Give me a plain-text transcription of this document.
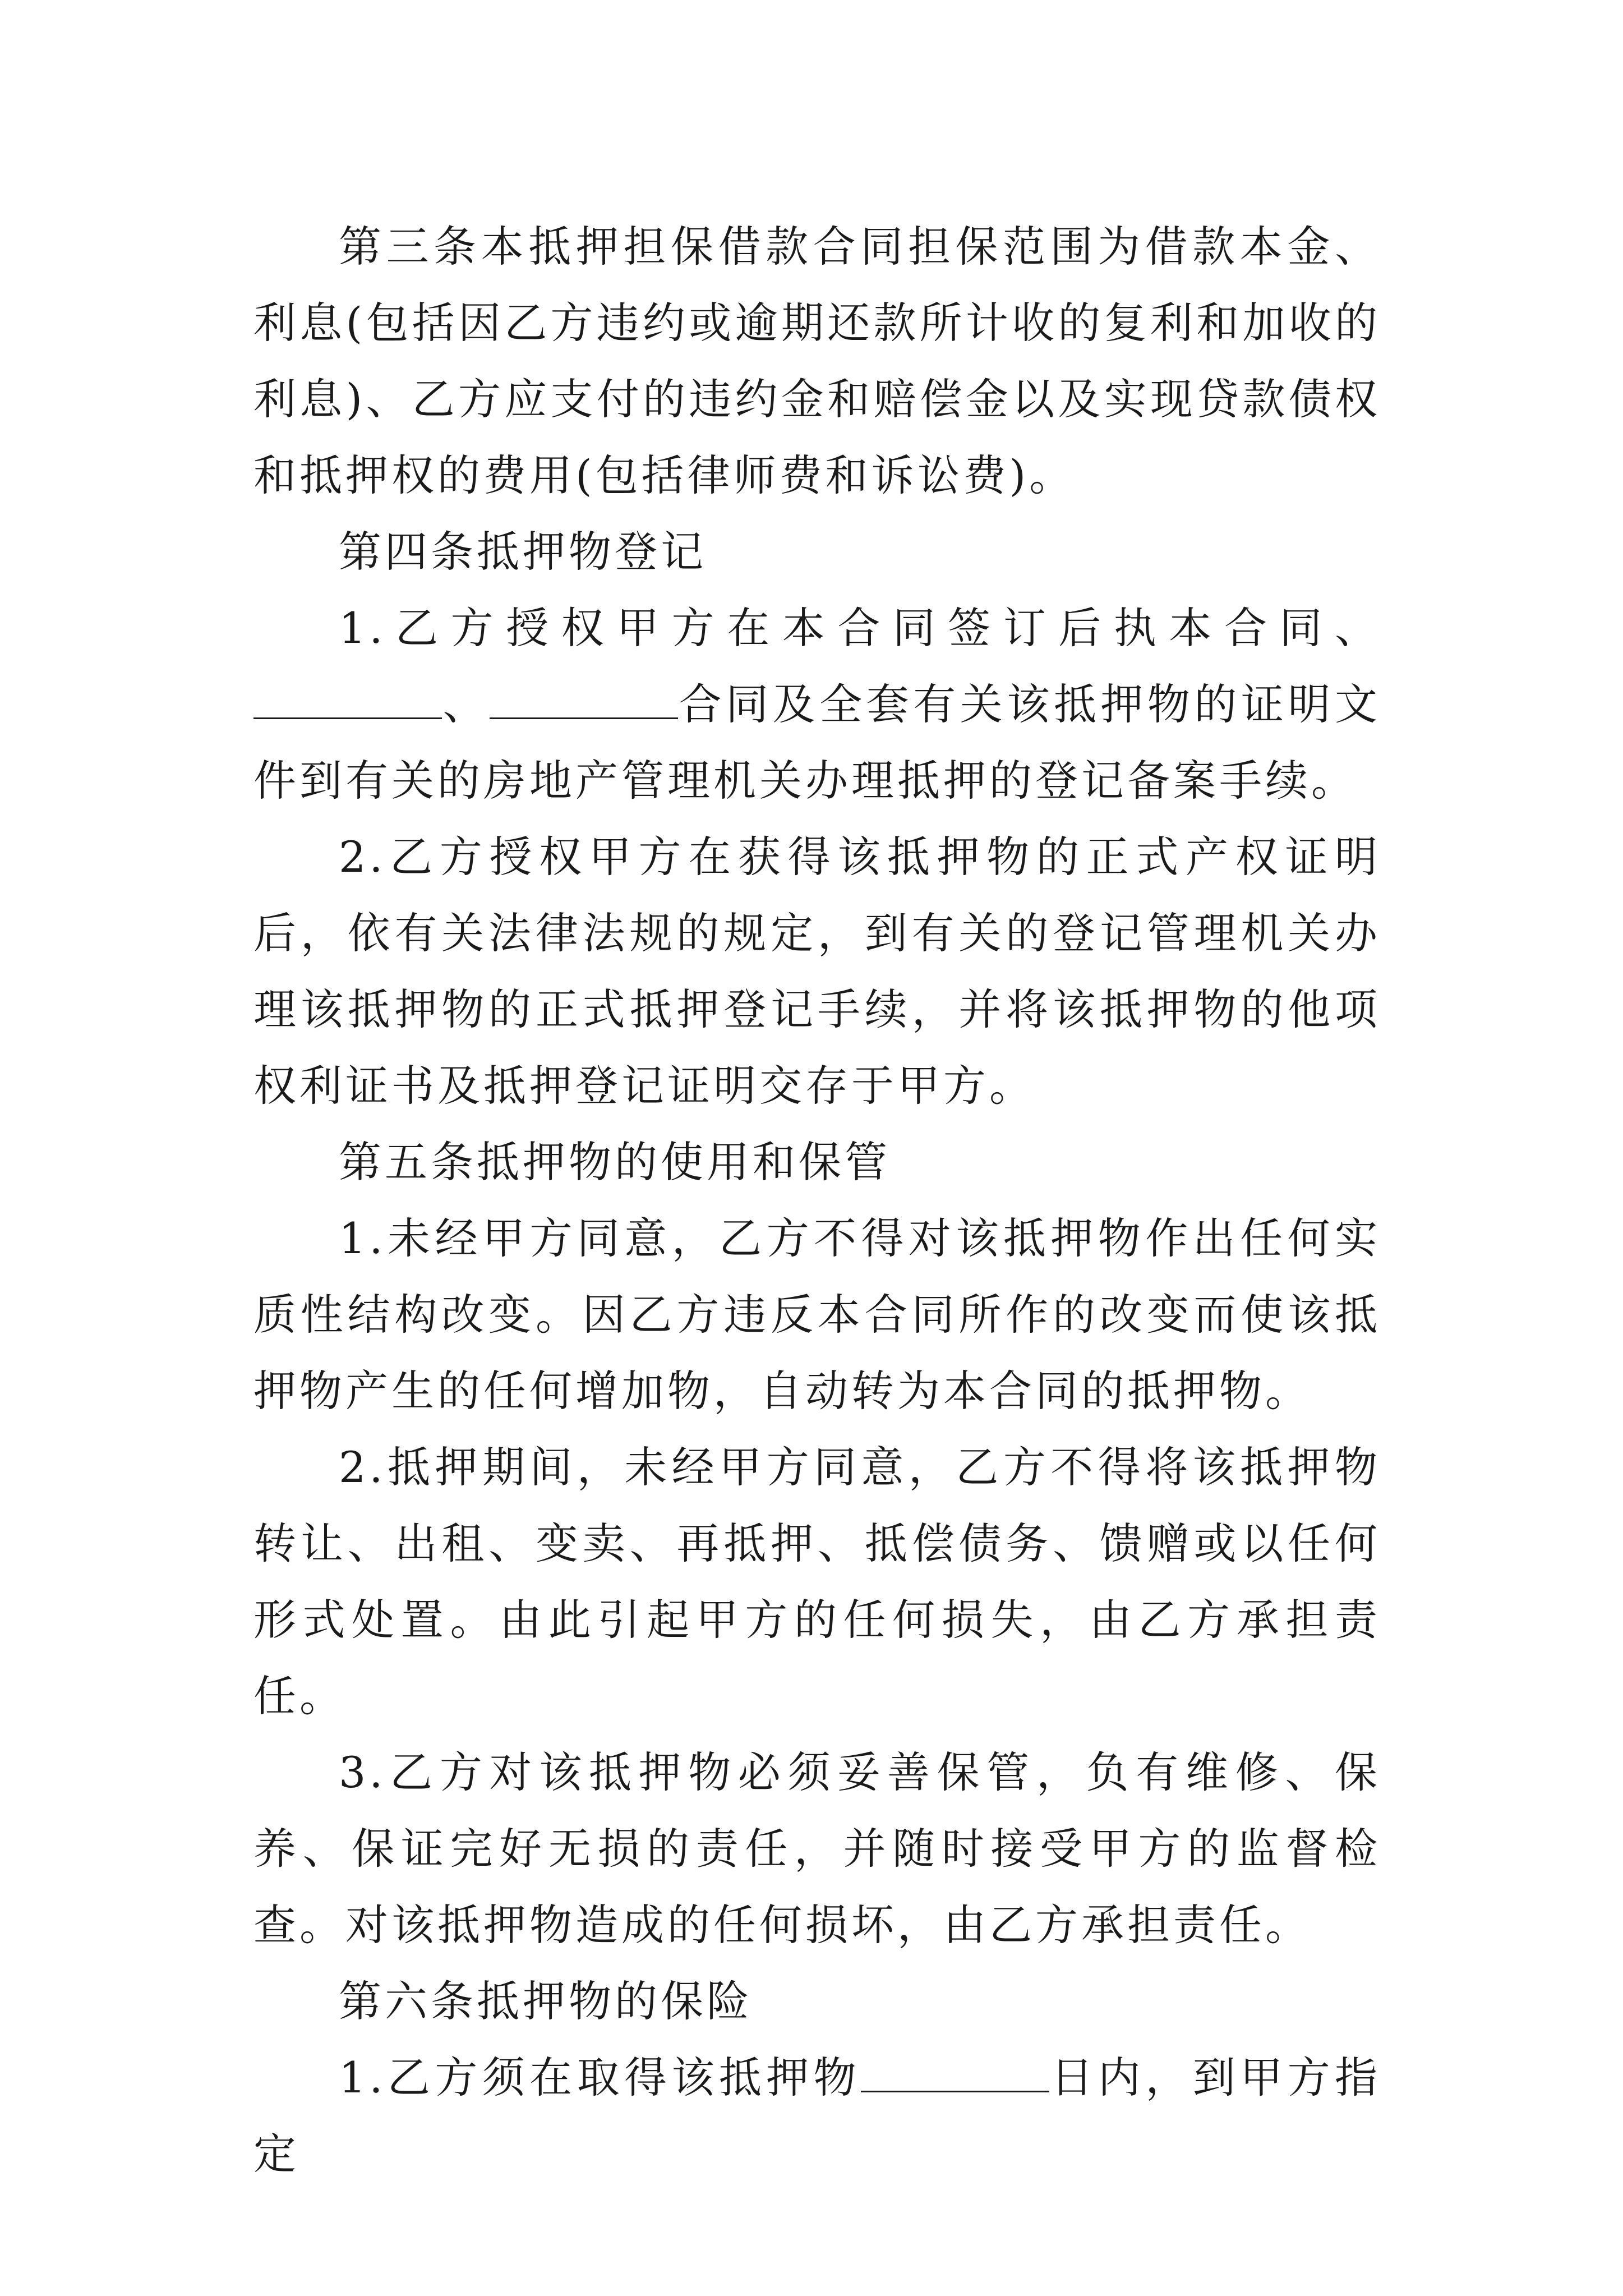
第三条本抵押担保借款合同担保范围为借款本金、利息(包括因乙方违约或逾期还款所计收的复利和加收的利息)、乙方应支付的违约金和赔偿金以及实现贷款债权和抵押权的费用(包括律师费和诉讼费)。

第四条抵押物登记

1.乙方授权甲方在本合同签订后执本合同、、	合同及全套有关该抵押物的证明文件到有关的房地产管理机关办理抵押的登记备案手续。

2.乙方授权甲方在获得该抵押物的正式产权证明后，依有关法律法规的规定，到有关的登记管理机关办理该抵押物的正式抵押登记手续，并将该抵押物的他项权利证书及抵押登记证明交存于甲方。

第五条抵押物的使用和保管

1.未经甲方同意，乙方不得对该抵押物作出任何实质性结构改变。因乙方违反本合同所作的改变而使该抵押物产生的任何增加物，自动转为本合同的抵押物。

2.抵押期间，未经甲方同意，乙方不得将该抵押物转让、出租、变卖、再抵押、抵偿债务、馈赠或以任何形式处置。由此引起甲方的任何损失，由乙方承担责任。

3.乙方对该抵押物必须妥善保管，负有维修、保养、保证完好无损的责任，并随时接受甲方的监督检查。对该抵押物造成的任何损坏，由乙方承担责任。

第六条抵押物的保险

1.乙方须在取得该抵押物	日内，到甲方指定
